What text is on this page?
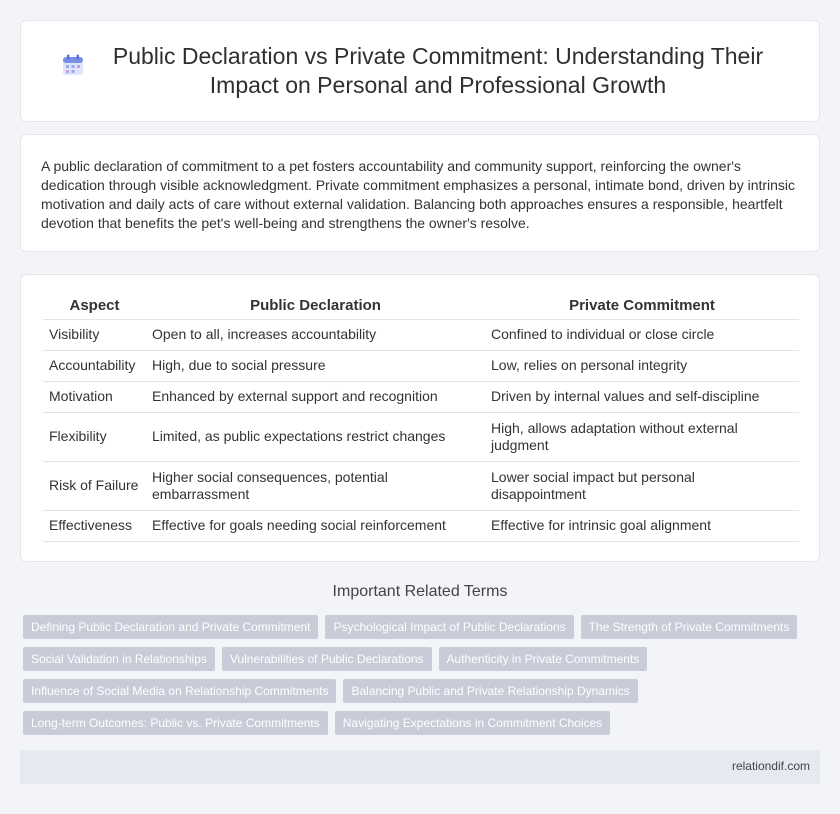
Public Declaration vs Private Commitment: Understanding Their Impact on Personal and Professional Growth

A public declaration of commitment to a pet fosters accountability and community support, reinforcing the owner's dedication through visible acknowledgment. Private commitment emphasizes a personal, intimate bond, driven by intrinsic motivation and daily acts of care without external validation. Balancing both approaches ensures a responsible, heartfelt devotion that benefits the pet's well-being and strengthens the owner's resolve.

Aspect	Public Declaration	Private Commitment
Visibility	Open to all, increases accountability	Confined to individual or close circle
Accountability	High, due to social pressure	Low, relies on personal integrity
Motivation	Enhanced by external support and recognition	Driven by internal values and self-discipline
Flexibility	Limited, as public expectations restrict changes	High, allows adaptation without external judgment
Risk of Failure	Higher social consequences, potential embarrassment	Lower social impact but personal disappointment
Effectiveness	Effective for goals needing social reinforcement	Effective for intrinsic goal alignment
Important Related Terms
Defining Public Declaration and Private Commitment	Psychological Impact of Public Declarations	The Strength of Private Commitments
Social Validation in Relationships	Vulnerabilities of Public Declarations	Authenticity in Private Commitments
Influence of Social Media on Relationship Commitments	Balancing Public and Private Relationship Dynamics
Long-term Outcomes: Public vs. Private Commitments	Navigating Expectations in Commitment Choices
relationdif.com
